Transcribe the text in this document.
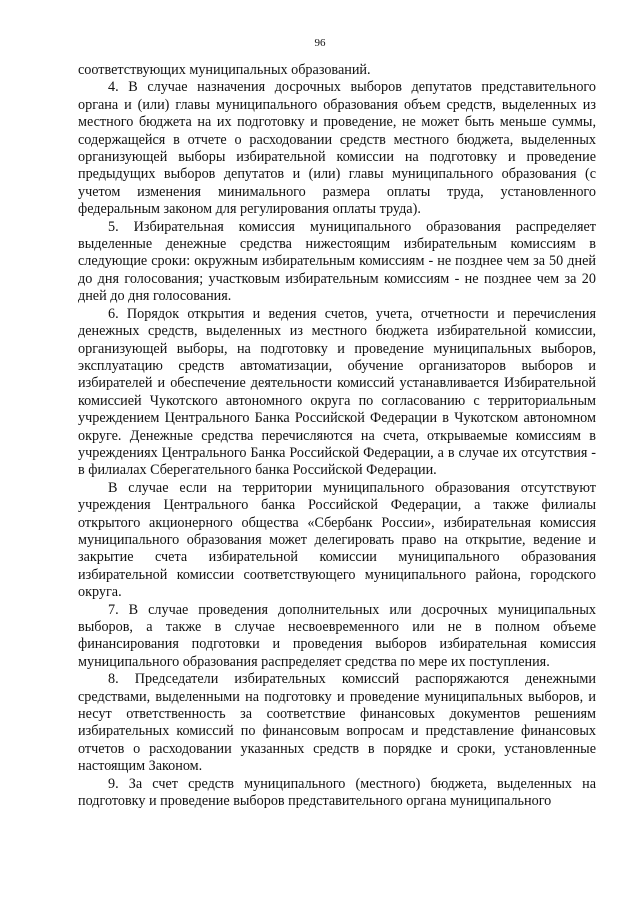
96

соответствующих муниципальных образований.

4. В случае назначения досрочных выборов депутатов представительного органа и (или) главы муниципального образования объем средств, выделенных из местного бюджета на их подготовку и проведение, не может быть меньше суммы, содержащейся в отчете о расходовании средств местного бюджета, выделенных организующей выборы избирательной комиссии на подготовку и проведение предыдущих выборов депутатов и (или) главы муниципального образования (с учетом изменения минимального размера оплаты труда, установленного федеральным законом для регулирования оплаты труда).

5. Избирательная комиссия муниципального образования распределяет выделенные денежные средства нижестоящим избирательным комиссиям в следующие сроки: окружным избирательным комиссиям - не позднее чем за 50 дней до дня голосования; участковым избирательным комиссиям - не позднее чем за 20 дней до дня голосования.

6. Порядок открытия и ведения счетов, учета, отчетности и перечисления денежных средств, выделенных из местного бюджета избирательной комиссии, организующей выборы, на подготовку и проведение муниципальных выборов, эксплуатацию средств автоматизации, обучение организаторов выборов и избирателей и обеспечение деятельности комиссий устанавливается Избирательной комиссией Чукотского автономного округа по согласованию с территориальным учреждением Центрального Банка Российской Федерации в Чукотском автономном округе. Денежные средства перечисляются на счета, открываемые комиссиям в учреждениях Центрального Банка Российской Федерации, а в случае их отсутствия - в филиалах Сберегательного банка Российской Федерации.

В случае если на территории муниципального образования отсутствуют учреждения Центрального банка Российской Федерации, а также филиалы открытого акционерного общества «Сбербанк России», избирательная комиссия муниципального образования может делегировать право на открытие, ведение и закрытие счета избирательной комиссии муниципального образования избирательной комиссии соответствующего муниципального района, городского округа.

7. В случае проведения дополнительных или досрочных муниципальных выборов, а также в случае несвоевременного или не в полном объеме финансирования подготовки и проведения выборов избирательная комиссия муниципального образования распределяет средства по мере их поступления.

8. Председатели избирательных комиссий распоряжаются денежными средствами, выделенными на подготовку и проведение муниципальных выборов, и несут ответственность за соответствие финансовых документов решениям избирательных комиссий по финансовым вопросам и представление финансовых отчетов о расходовании указанных средств в порядке и сроки, установленные настоящим Законом.

9. За счет средств муниципального (местного) бюджета, выделенных на подготовку и проведение выборов представительного органа муниципального
